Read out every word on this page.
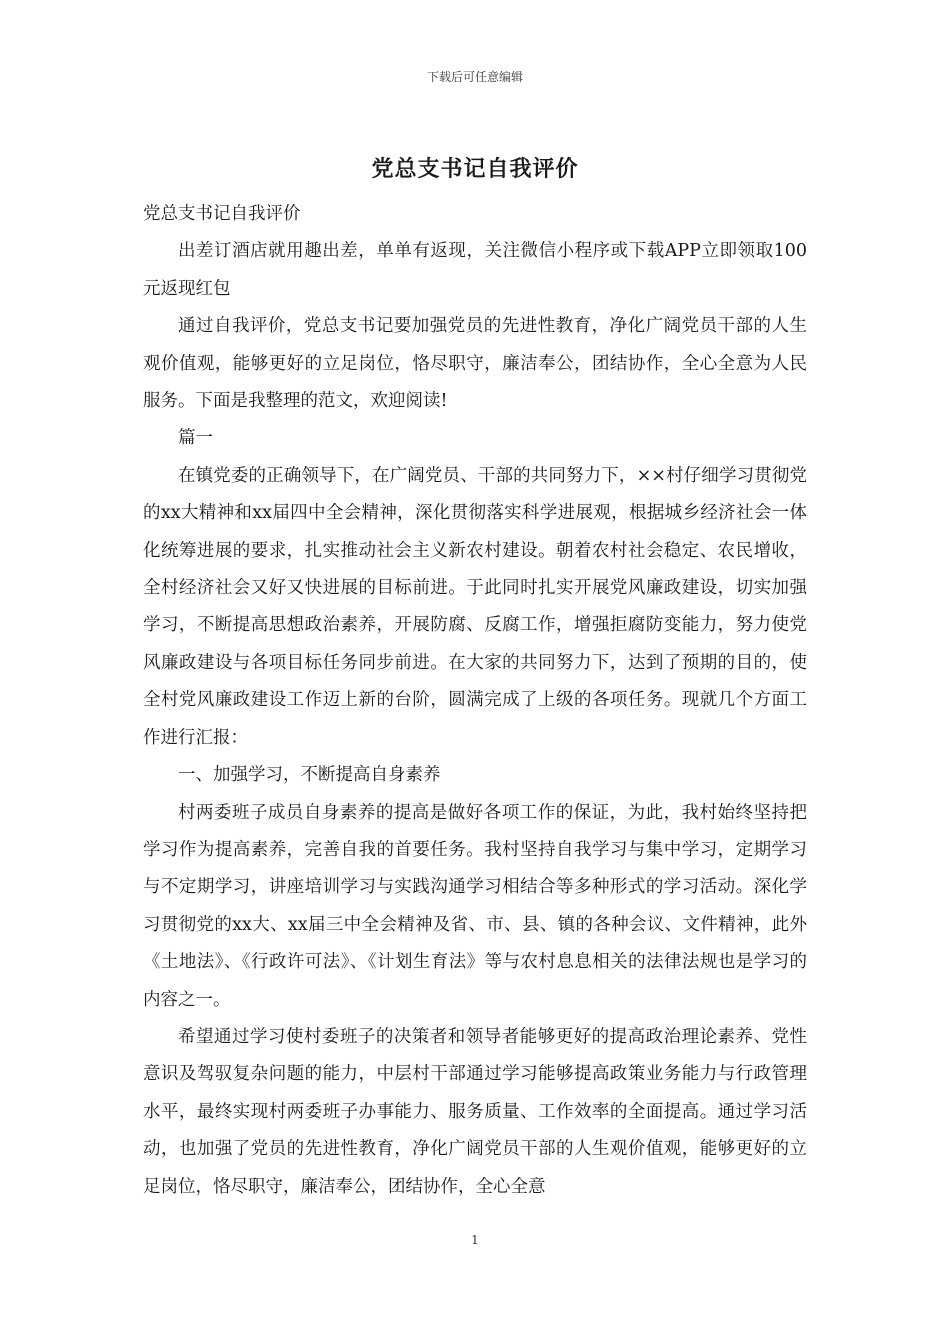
下载后可任意编辑
党总支书记自我评价

党总支书记自我评价

出差订酒店就用趣出差，单单有返现，关注微信小程序或下载APP立即领取100元返现红包

通过自我评价，党总支书记要加强党员的先进性教育，净化广阔党员干部的人生观价值观，能够更好的立足岗位，恪尽职守，廉洁奉公，团结协作，全心全意为人民服务。下面是我整理的范文，欢迎阅读!

篇一

在镇党委的正确领导下，在广阔党员、干部的共同努力下，××村仔细学习贯彻党的xx大精神和xx届四中全会精神，深化贯彻落实科学进展观，根据城乡经济社会一体化统筹进展的要求，扎实推动社会主义新农村建设。朝着农村社会稳定、农民增收，全村经济社会又好又快进展的目标前进。于此同时扎实开展党风廉政建设，切实加强学习，不断提高思想政治素养，开展防腐、反腐工作，增强拒腐防变能力，努力使党风廉政建设与各项目标任务同步前进。在大家的共同努力下，达到了预期的目的，使全村党风廉政建设工作迈上新的台阶，圆满完成了上级的各项任务。现就几个方面工作进行汇报：

一、加强学习，不断提高自身素养

村两委班子成员自身素养的提高是做好各项工作的保证，为此，我村始终坚持把学习作为提高素养，完善自我的首要任务。我村坚持自我学习与集中学习，定期学习与不定期学习，讲座培训学习与实践沟通学习相结合等多种形式的学习活动。深化学习贯彻党的xx大、xx届三中全会精神及省、市、县、镇的各种会议、文件精神，此外《土地法》、《行政许可法》、《计划生育法》等与农村息息相关的法律法规也是学习的内容之一。

希望通过学习使村委班子的决策者和领导者能够更好的提高政治理论素养、党性意识及驾驭复杂问题的能力，中层村干部通过学习能够提高政策业务能力与行政管理水平，最终实现村两委班子办事能力、服务质量、工作效率的全面提高。通过学习活动，也加强了党员的先进性教育，净化广阔党员干部的人生观价值观，能够更好的立足岗位，恪尽职守，廉洁奉公，团结协作，全心全意

1
